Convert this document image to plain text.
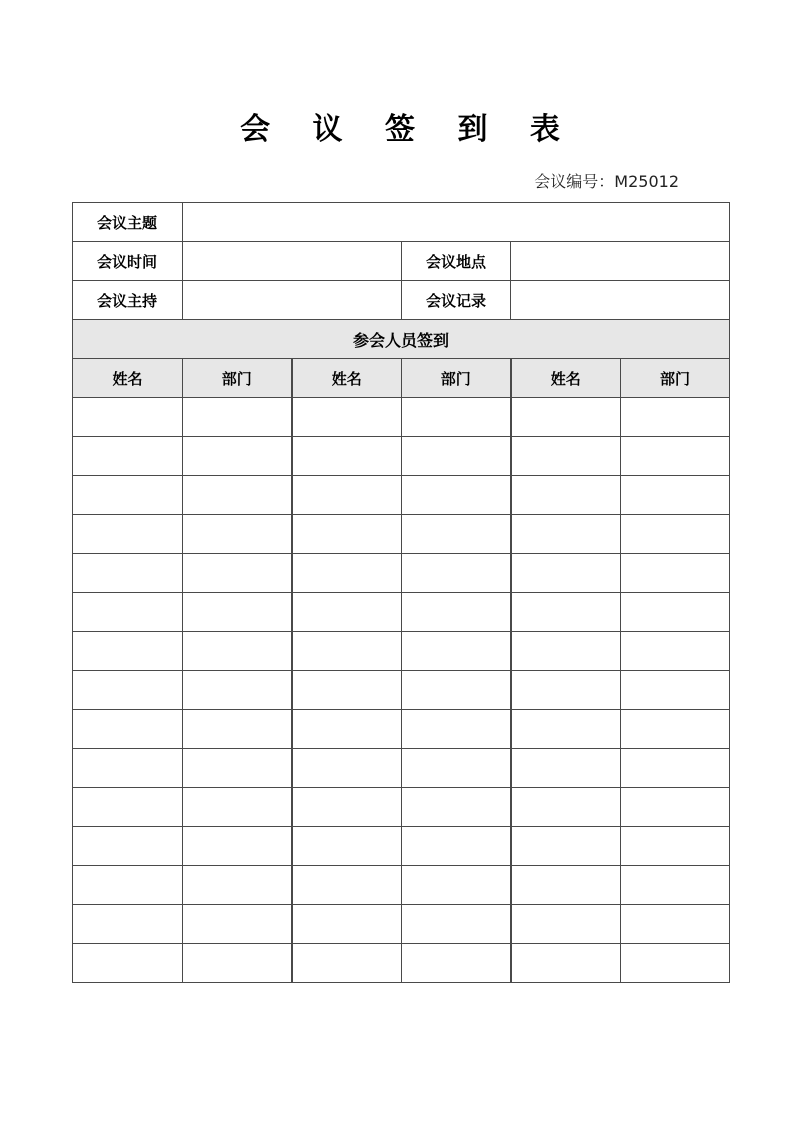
会 议 签 到 表
会议编号：M25012
会议主题					
会议时间			会议地点		
会议主持			会议记录		
参会人员签到					
姓名	部门	姓名	部门	姓名	部门
